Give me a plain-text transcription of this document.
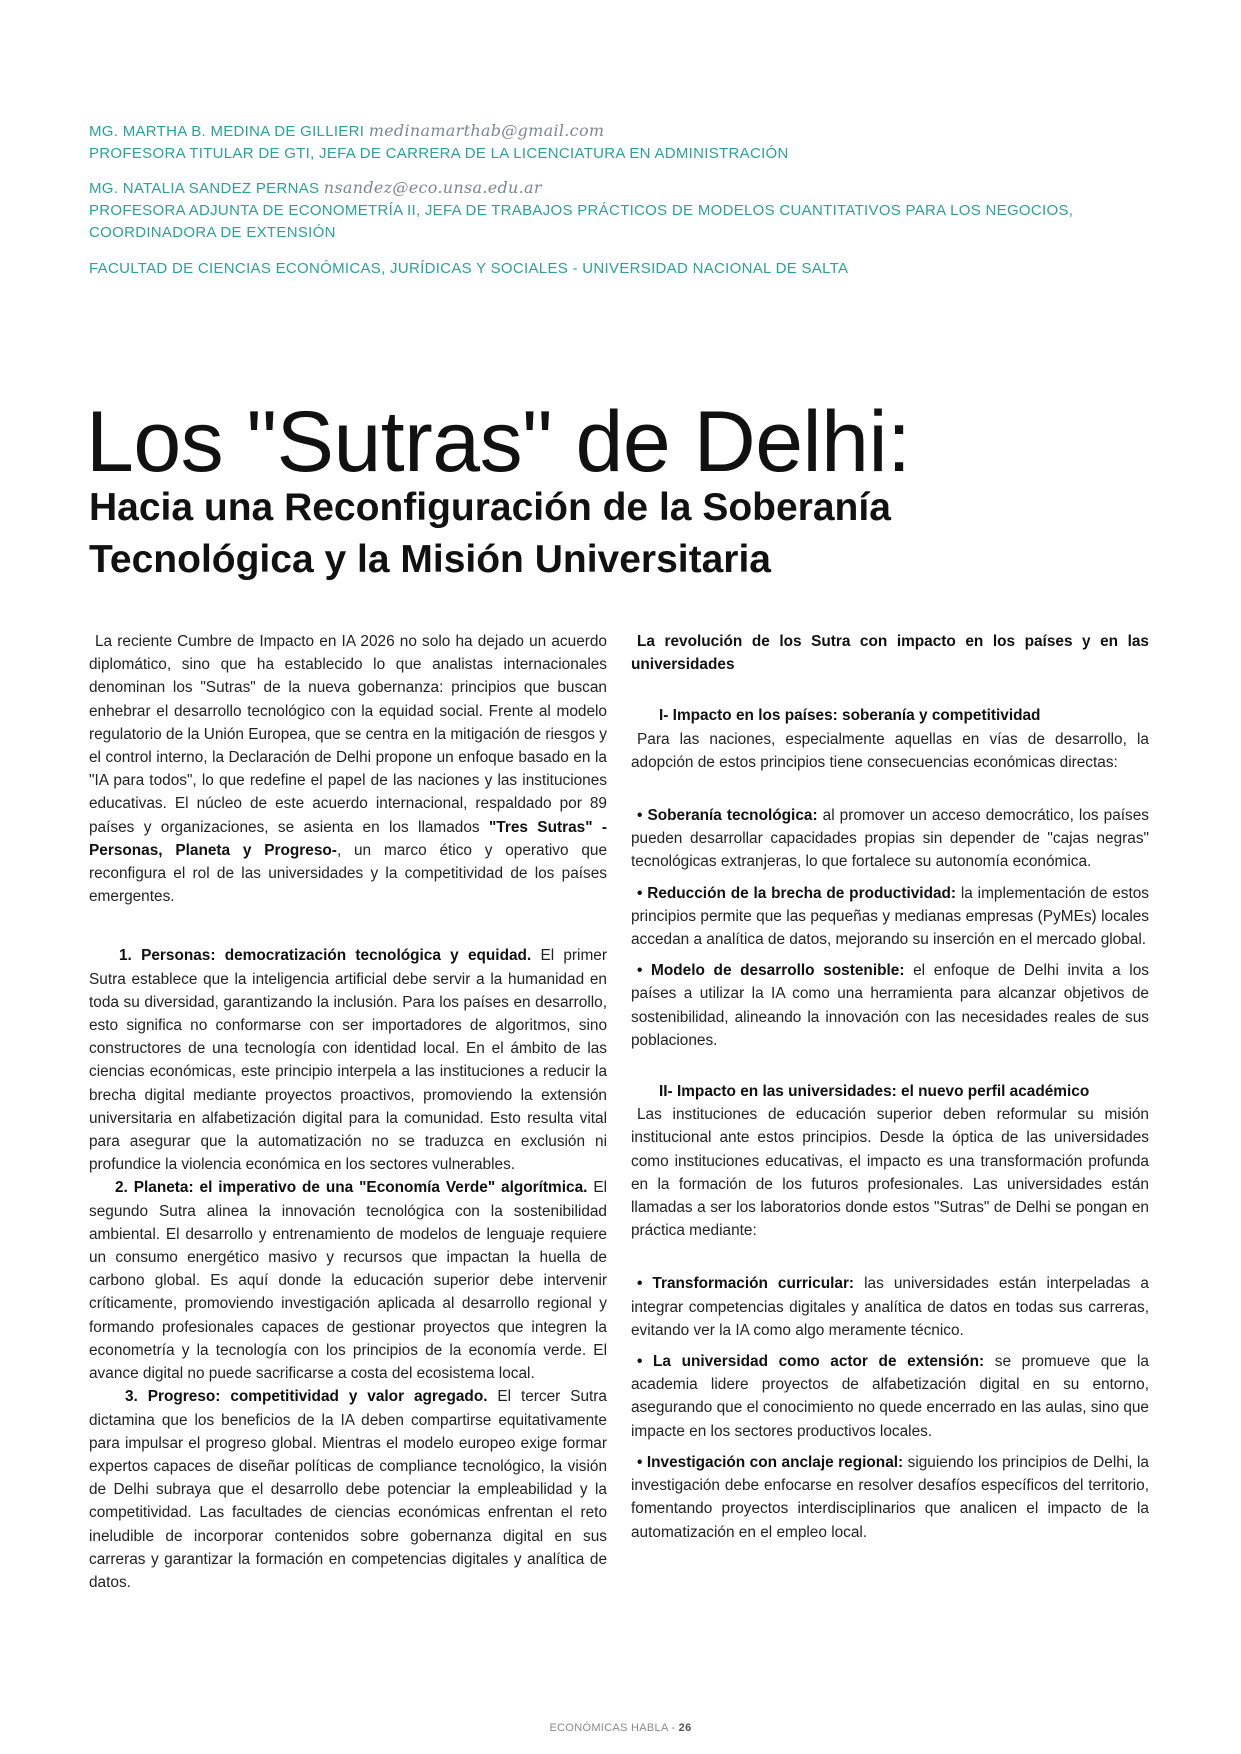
MG. MARTHA B. MEDINA DE GILLIERI medinamarthab@gmail.com
PROFESORA TITULAR DE GTI, JEFA DE CARRERA DE LA LICENCIATURA EN ADMINISTRACIÓN
MG. NATALIA SANDEZ PERNAS nsandez@eco.unsa.edu.ar
PROFESORA ADJUNTA DE ECONOMETRÍA II, JEFA DE TRABAJOS PRÁCTICOS DE MODELOS CUANTITATIVOS PARA LOS NEGOCIOS,
COORDINADORA DE EXTENSIÓN
FACULTAD DE CIENCIAS ECONÓMICAS, JURÍDICAS Y SOCIALES - UNIVERSIDAD NACIONAL DE SALTA
Los "Sutras" de Delhi:
Hacia una Reconfiguración de la Soberanía Tecnológica y la Misión Universitaria

La reciente Cumbre de Impacto en IA 2026 no solo ha dejado un acuerdo diplomático, sino que ha establecido lo que analistas internacionales denominan los "Sutras" de la nueva gobernanza: principios que buscan enhebrar el desarrollo tecnológico con la equidad social. Frente al modelo regulatorio de la Unión Europea, que se centra en la mitigación de riesgos y el control interno, la Declaración de Delhi propone un enfoque basado en la "IA para todos", lo que redefine el papel de las naciones y las instituciones educativas. El núcleo de este acuerdo internacional, respaldado por 89 países y organizaciones, se asienta en los llamados "Tres Sutras" -Personas, Planeta y Progreso-, un marco ético y operativo que reconfigura el rol de las universidades y la competitividad de los países emergentes.

1. Personas: democratización tecnológica y equidad. El primer Sutra establece que la inteligencia artificial debe servir a la humanidad en toda su diversidad, garantizando la inclusión. Para los países en desarrollo, esto significa no conformarse con ser importadores de algoritmos, sino constructores de una tecnología con identidad local. En el ámbito de las ciencias económicas, este principio interpela a las instituciones a reducir la brecha digital mediante proyectos proactivos, promoviendo la extensión universitaria en alfabetización digital para la comunidad. Esto resulta vital para asegurar que la automatización no se traduzca en exclusión ni profundice la violencia económica en los sectores vulnerables.

2. Planeta: el imperativo de una "Economía Verde" algorítmica. El segundo Sutra alinea la innovación tecnológica con la sostenibilidad ambiental. El desarrollo y entrenamiento de modelos de lenguaje requiere un consumo energético masivo y recursos que impactan la huella de carbono global. Es aquí donde la educación superior debe intervenir críticamente, promoviendo investigación aplicada al desarrollo regional y formando profesionales capaces de gestionar proyectos que integren la econometría y la tecnología con los principios de la economía verde. El avance digital no puede sacrificarse a costa del ecosistema local.

3. Progreso: competitividad y valor agregado. El tercer Sutra dictamina que los beneficios de la IA deben compartirse equitativamente para impulsar el progreso global. Mientras el modelo europeo exige formar expertos capaces de diseñar políticas de compliance tecnológico, la visión de Delhi subraya que el desarrollo debe potenciar la empleabilidad y la competitividad. Las facultades de ciencias económicas enfrentan el reto ineludible de incorporar contenidos sobre gobernanza digital en sus carreras y garantizar la formación en competencias digitales y analítica de datos.

La revolución de los Sutra con impacto en los países y en las universidades

I- Impacto en los países: soberanía y competitividad

Para las naciones, especialmente aquellas en vías de desarrollo, la adopción de estos principios tiene consecuencias económicas directas:

• Soberanía tecnológica: al promover un acceso democrático, los países pueden desarrollar capacidades propias sin depender de "cajas negras" tecnológicas extranjeras, lo que fortalece su autonomía económica.

• Reducción de la brecha de productividad: la implementación de estos principios permite que las pequeñas y medianas empresas (PyMEs) locales accedan a analítica de datos, mejorando su inserción en el mercado global.

• Modelo de desarrollo sostenible: el enfoque de Delhi invita a los países a utilizar la IA como una herramienta para alcanzar objetivos de sostenibilidad, alineando la innovación con las necesidades reales de sus poblaciones.

II- Impacto en las universidades: el nuevo perfil académico

Las instituciones de educación superior deben reformular su misión institucional ante estos principios. Desde la óptica de las universidades como instituciones educativas, el impacto es una transformación profunda en la formación de los futuros profesionales. Las universidades están llamadas a ser los laboratorios donde estos "Sutras" de Delhi se pongan en práctica mediante:

• Transformación curricular: las universidades están interpeladas a integrar competencias digitales y analítica de datos en todas sus carreras, evitando ver la IA como algo meramente técnico.

• La universidad como actor de extensión: se promueve que la academia lidere proyectos de alfabetización digital en su entorno, asegurando que el conocimiento no quede encerrado en las aulas, sino que impacte en los sectores productivos locales.

• Investigación con anclaje regional: siguiendo los principios de Delhi, la investigación debe enfocarse en resolver desafíos específicos del territorio, fomentando proyectos interdisciplinarios que analicen el impacto de la automatización en el empleo local.

ECONÓMICAS HABLA - 26
